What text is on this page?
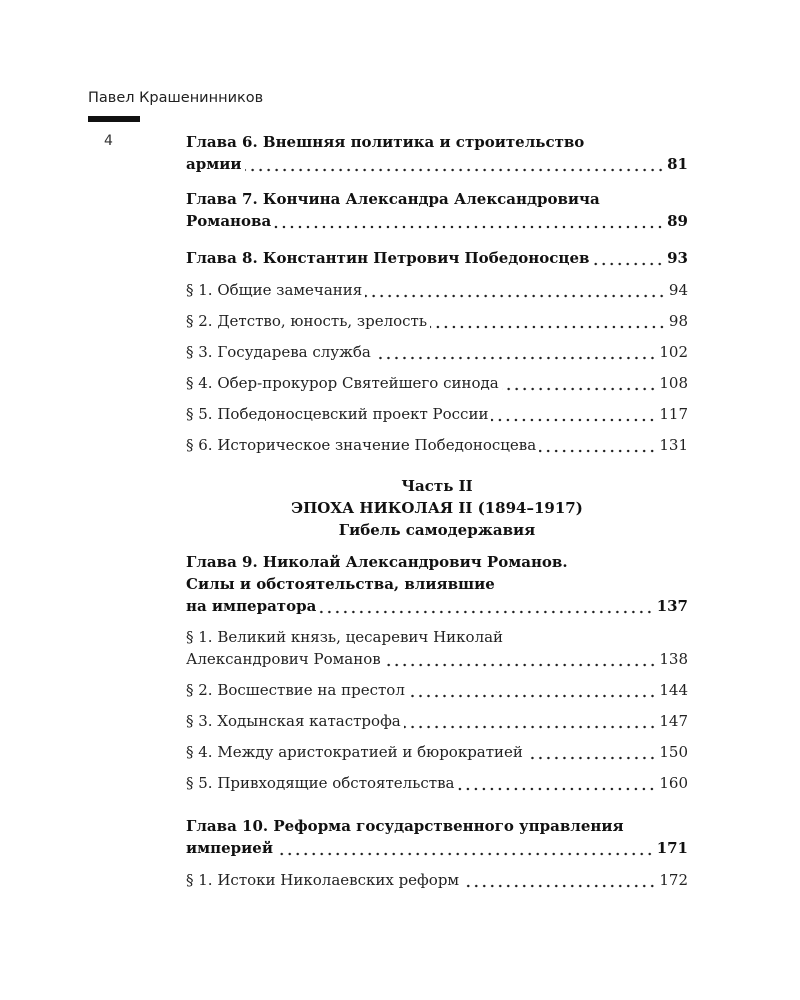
Павел Крашенинников
4	Глава 6. Внешняя политика и строительство
армии	81
Глава 7. Кончина Александра Александровича
Романова	89
Глава 8. Константин Петрович Победоносцев	93
§ 1. Общие замечания	94
§ 2. Детство, юность, зрелость	98
§ 3. Государева служба	102
§ 4. Обер-прокурор Святейшего синода	108
§ 5. Победоносцевский проект России	117
§ 6. Историческое значение Победоносцева	131
Часть II
ЭПОХА НИКОЛАЯ II (1894–1917)
Гибель самодержавия
Глава 9. Николай Александрович Романов.
Силы и обстоятельства, влиявшие
на императора	137
§ 1. Великий князь, цесаревич Николай
Александрович Романов	138
§ 2. Восшествие на престол	144
§ 3. Ходынская катастрофа	147
§ 4. Между аристократией и бюрократией	150
§ 5. Привходящие обстоятельства	160
Глава 10. Реформа государственного управления
империей	171
§ 1. Истоки Николаевских реформ	172
